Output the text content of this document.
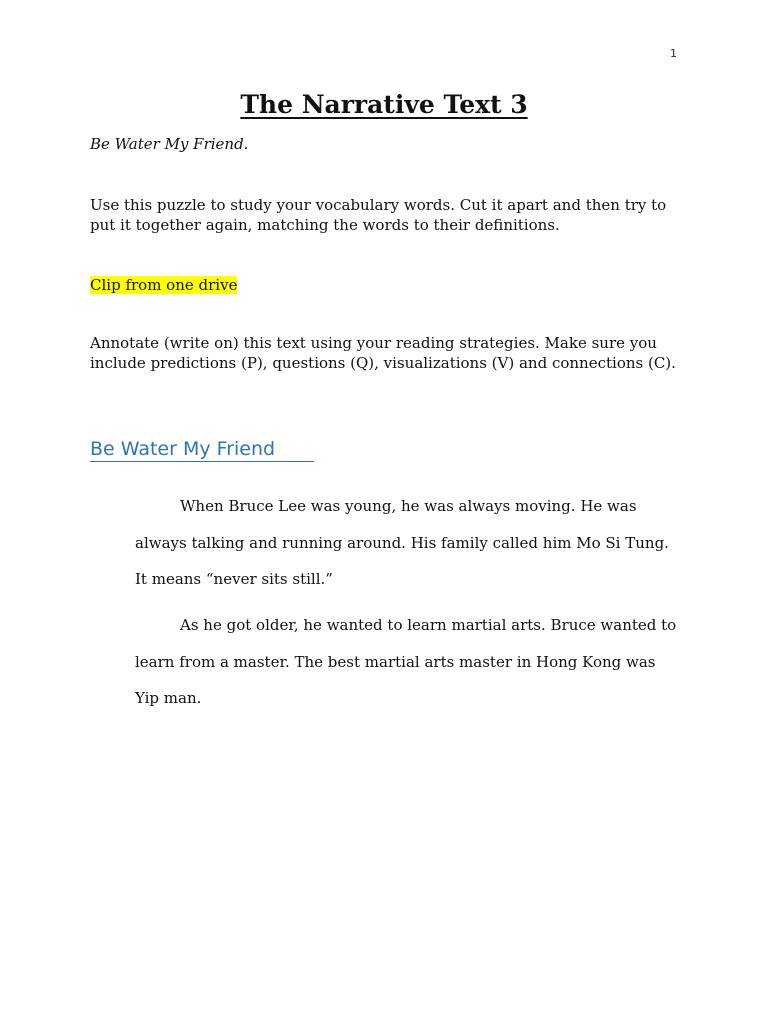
1
The Narrative Text 3
Be Water My Friend.

Use this puzzle to study your vocabulary words. Cut it apart and then try to put it together again, matching the words to their definitions.

Clip from one drive

Annotate (write on) this text using your reading strategies. Make sure you include predictions (P), questions (Q), visualizations (V) and connections (C).

Be Water My Friend

When Bruce Lee was young, he was always moving. He was always talking and running around. His family called him Mo Si Tung. It means “never sits still.”

As he got older, he wanted to learn martial arts. Bruce wanted to learn from a master. The best martial arts master in Hong Kong was Yip man.
